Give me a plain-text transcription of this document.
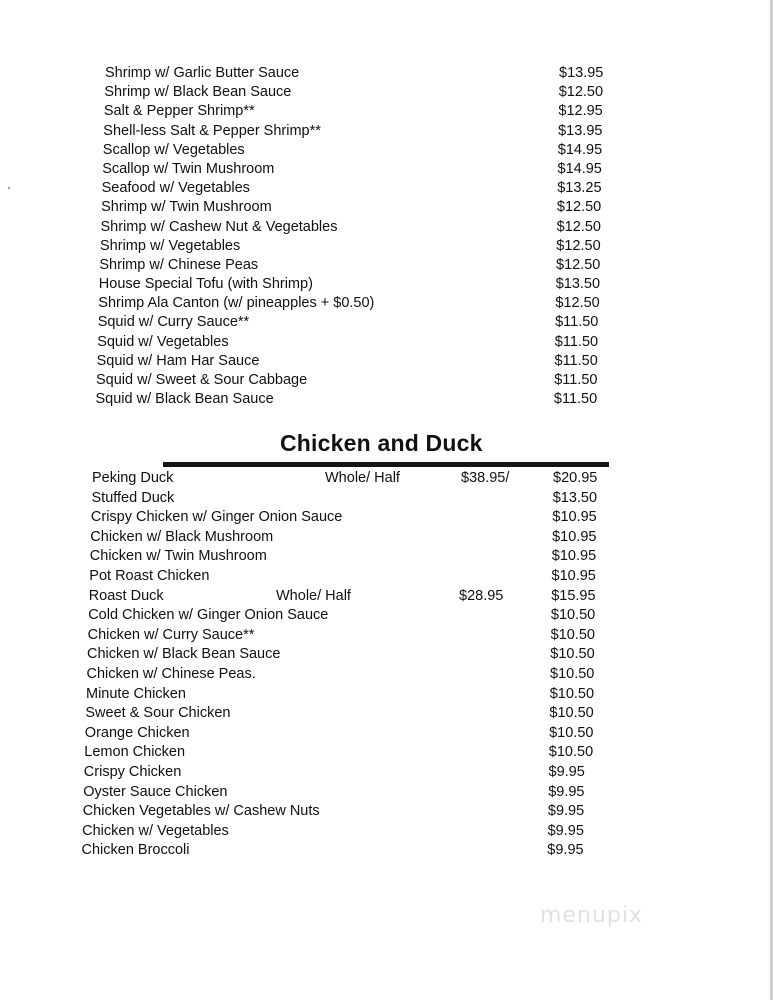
Shrimp w/ Garlic Butter Sauce	$13.95
Shrimp w/ Black Bean Sauce	$12.50
Salt & Pepper Shrimp**	$12.95
Shell-less Salt & Pepper Shrimp**	$13.95
Scallop w/ Vegetables	$14.95
Scallop w/ Twin Mushroom	$14.95
Seafood w/ Vegetables	$13.25
Shrimp w/ Twin Mushroom	$12.50
Shrimp w/ Cashew Nut & Vegetables	$12.50
Shrimp w/ Vegetables	$12.50
Shrimp w/ Chinese Peas	$12.50
House Special Tofu (with Shrimp)	$13.50
Shrimp Ala Canton (w/ pineapples + $0.50)	$12.50
Squid w/ Curry Sauce**	$11.50
Squid w/ Vegetables	$11.50
Squid w/ Ham Har Sauce	$11.50
Squid w/ Sweet & Sour Cabbage	$11.50
Squid w/ Black Bean Sauce	$11.50
Chicken and Duck
Peking Duck	Whole/ Half	$38.95/	$20.95
Stuffed Duck	$13.50
Crispy Chicken w/ Ginger Onion Sauce	$10.95
Chicken w/ Black Mushroom	$10.95
Chicken w/ Twin Mushroom	$10.95
Pot Roast Chicken	$10.95
Roast Duck	Whole/ Half	$28.95	$15.95
Cold Chicken w/ Ginger Onion Sauce	$10.50
Chicken w/ Curry Sauce**	$10.50
Chicken w/ Black Bean Sauce	$10.50
Chicken w/ Chinese Peas.	$10.50
Minute Chicken	$10.50
Sweet & Sour Chicken	$10.50
Orange Chicken	$10.50
Lemon Chicken	$10.50
Crispy Chicken	$9.95
Oyster Sauce Chicken	$9.95
Chicken Vegetables w/ Cashew Nuts	$9.95
Chicken w/ Vegetables	$9.95
Chicken Broccoli	$9.95
menupix
